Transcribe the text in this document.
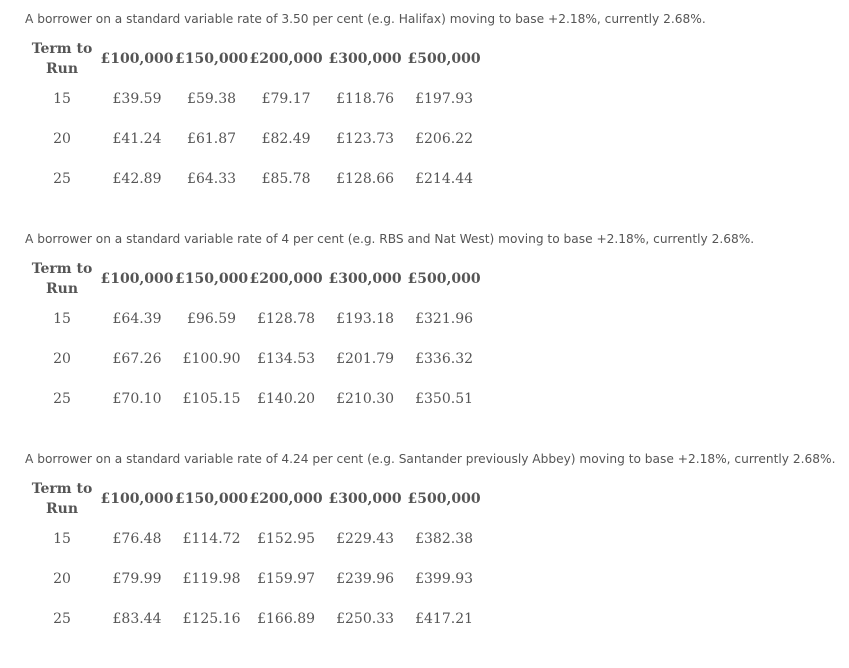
A borrower on a standard variable rate of 3.50 per cent (e.g. Halifax) moving to base +2.18%, currently 2.68%.

Term to Run	£100,000	£150,000	£200,000	£300,000	£500,000
15	£39.59	£59.38	£79.17	£118.76	£197.93
20	£41.24	£61.87	£82.49	£123.73	£206.22
25	£42.89	£64.33	£85.78	£128.66	£214.44

A borrower on a standard variable rate of 4 per cent (e.g. RBS and Nat West) moving to base +2.18%, currently 2.68%.

Term to Run	£100,000	£150,000	£200,000	£300,000	£500,000
15	£64.39	£96.59	£128.78	£193.18	£321.96
20	£67.26	£100.90	£134.53	£201.79	£336.32
25	£70.10	£105.15	£140.20	£210.30	£350.51

A borrower on a standard variable rate of 4.24 per cent (e.g. Santander previously Abbey) moving to base +2.18%, currently 2.68%.

Term to Run	£100,000	£150,000	£200,000	£300,000	£500,000
15	£76.48	£114.72	£152.95	£229.43	£382.38
20	£79.99	£119.98	£159.97	£239.96	£399.93
25	£83.44	£125.16	£166.89	£250.33	£417.21
